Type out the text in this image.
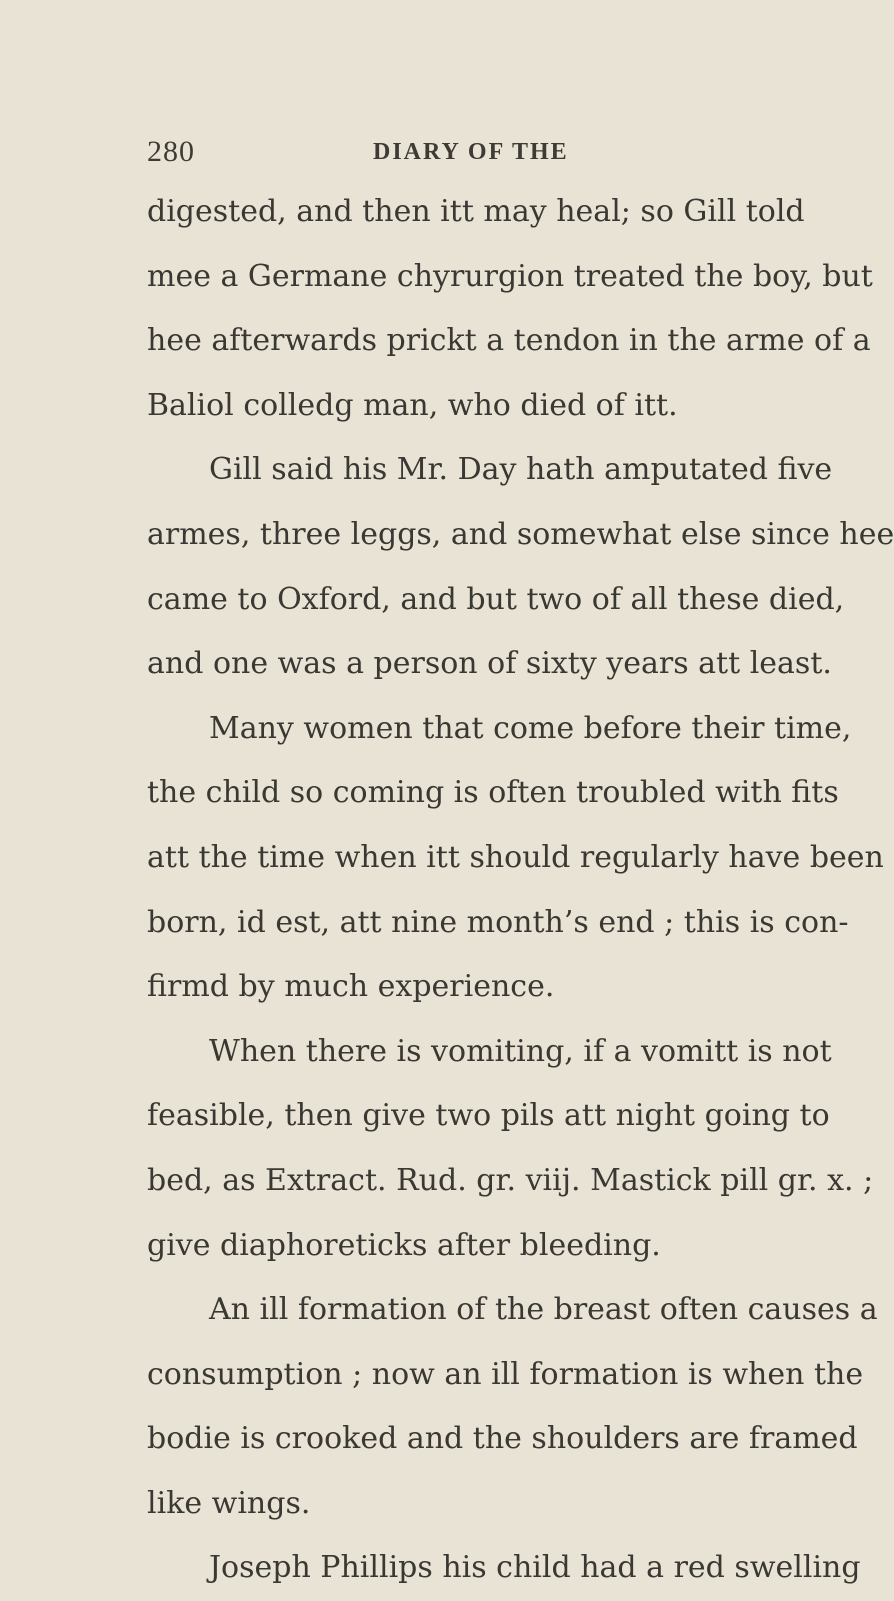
280	DIARY OF THE
digested, and then itt may heal; so Gill told
mee a Germane chyrurgion treated the boy, but
hee afterwards prickt a tendon in the arme of a
Baliol colledg man, who died of itt.
Gill said his Mr. Day hath amputated five
armes, three leggs, and somewhat else since hee
came to Oxford, and but two of all these died,
and one was a person of sixty years att least.
Many women that come before their time,
the child so coming is often troubled with fits
att the time when itt should regularly have been
born, id est, att nine month’s end ; this is con-
firmd by much experience.
When there is vomiting, if a vomitt is not
feasible, then give two pils att night going to
bed, as Extract. Rud. gr. viij. Mastick pill gr. x. ;
give diaphoreticks after bleeding.
An ill formation of the breast often causes a
consumption ; now an ill formation is when the
bodie is crooked and the shoulders are framed
like wings.
Joseph Phillips his child had a red swelling
